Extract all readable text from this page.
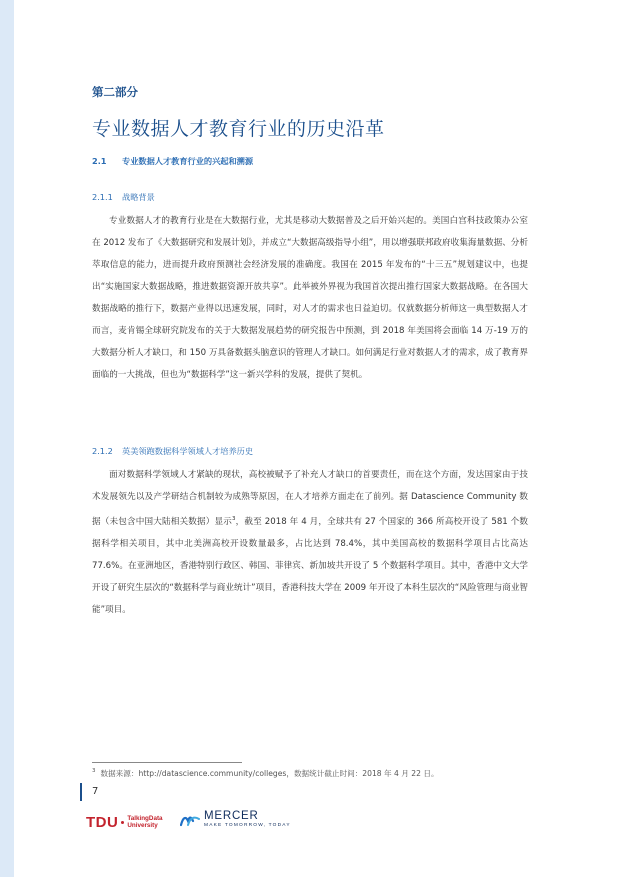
第二部分
专业数据人才教育行业的历史沿革
2.1 专业数据人才教育行业的兴起和溯源
2.1.1 战略背景

专业数据人才的教育行业是在大数据行业，尤其是移动大数据普及之后开始兴起的。美国白宫科技政策办公室在 2012 发布了《大数据研究和发展计划》，并成立“大数据高级指导小组”，用以增强联邦政府收集海量数据、分析萃取信息的能力，进而提升政府预测社会经济发展的准确度。我国在 2015 年发布的“十三五”规划建议中，也提出“实施国家大数据战略，推进数据资源开放共享”。此举被外界视为我国首次提出推行国家大数据战略。在各国大数据战略的推行下，数据产业得以迅速发展，同时，对人才的需求也日益迫切。仅就数据分析师这一典型数据人才而言，麦肯锡全球研究院发布的关于大数据发展趋势的研究报告中预测，到 2018 年美国将会面临 14 万-19 万的大数据分析人才缺口，和 150 万具备数据头脑意识的管理人才缺口。如何满足行业对数据人才的需求，成了教育界面临的一大挑战，但也为“数据科学”这一新兴学科的发展，提供了契机。

2.1.2 英美领跑数据科学领域人才培养历史

面对数据科学领域人才紧缺的现状，高校被赋予了补充人才缺口的首要责任，而在这个方面，发达国家由于技术发展领先以及产学研结合机制较为成熟等原因，在人才培养方面走在了前列。据 Datascience Community 数据（未包含中国大陆相关数据）显示$^3$，截至 2018 年 4 月，全球共有 27 个国家的 366 所高校开设了 581 个数据科学相关项目，其中北美洲高校开设数量最多，占比达到 78.4%，其中美国高校的数据科学项目占比高达 77.6%。在亚洲地区，香港特别行政区、韩国、菲律宾、新加坡共开设了 5 个数据科学项目。其中，香港中文大学开设了研究生层次的“数据科学与商业统计”项目，香港科技大学在 2009 年开设了本科生层次的“风险管理与商业智能”项目。

$^3$ 数据来源：http://datascience.community/colleges，数据统计截止时间：2018 年 4 月 22 日。
7
TDU TalkingData
University
MERCER
MAKE TOMORROW, TODAY
